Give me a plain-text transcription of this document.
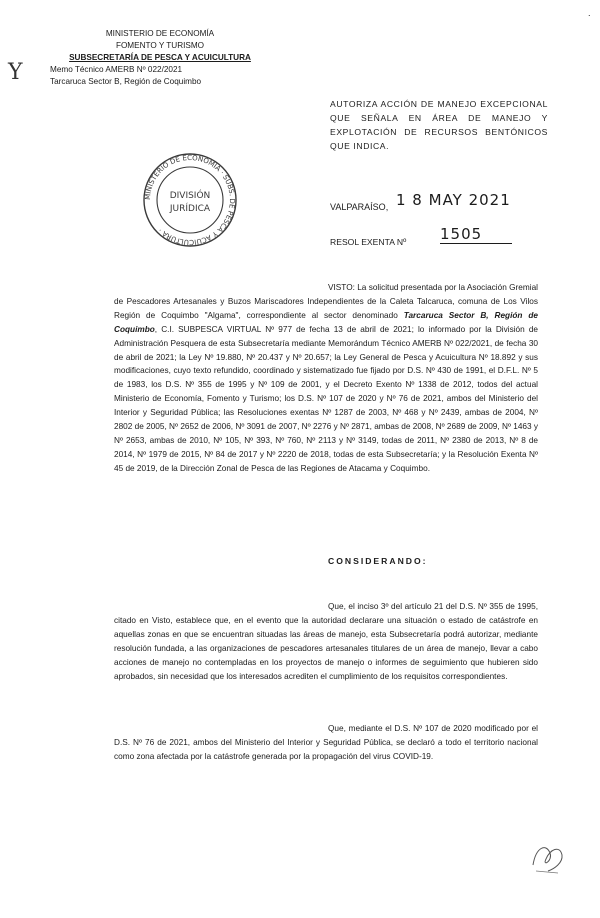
.
MINISTERIO DE ECONOMÍA
FOMENTO Y TURISMO
SUBSECRETARÍA DE PESCA Y ACUICULTURA
Memo Técnico AMERB Nº 022/2021
Tarcaruca Sector B, Región de Coquimbo
Y
AUTORIZA ACCIÓN DE MANEJO EXCEPCIONAL QUE SEÑALA EN ÁREA DE MANEJO Y EXPLOTACIÓN DE RECURSOS BENTÓNICOS QUE INDICA.
MINISTERIO DE ECONOMÍA · SUBS. DE PESCA Y ACUICULTURA ·
DIVISIÓN
JURÍDICA	VALPARAÍSO, 1 8 MAY 2021
RESOL EXENTA Nº 1505
VISTO: La solicitud presentada por la Asociación Gremial de Pescadores Artesanales y Buzos Mariscadores Independientes de la Caleta Talcaruca, comuna de Los Vilos Región de Coquimbo "Algama", correspondiente al sector denominado Tarcaruca Sector B, Región de Coquimbo, C.I. SUBPESCA VIRTUAL Nº 977 de fecha 13 de abril de 2021; lo informado por la División de Administración Pesquera de esta Subsecretaría mediante Memorándum Técnico AMERB Nº 022/2021, de fecha 30 de abril de 2021; la Ley Nº 19.880, Nº 20.437 y Nº 20.657; la Ley General de Pesca y Acuicultura Nº 18.892 y sus modificaciones, cuyo texto refundido, coordinado y sistematizado fue fijado por D.S. Nº 430 de 1991, el D.F.L. Nº 5 de 1983, los D.S. Nº 355 de 1995 y Nº 109 de 2001, y el Decreto Exento Nº 1338 de 2012, todos del actual Ministerio de Economía, Fomento y Turismo; los D.S. Nº 107 de 2020 y Nº 76 de 2021, ambos del Ministerio del Interior y Seguridad Pública; las Resoluciones exentas Nº 1287 de 2003, Nº 468 y Nº 2439, ambas de 2004, Nº 2802 de 2005, Nº 2652 de 2006, Nº 3091 de 2007, Nº 2276 y Nº 2871, ambas de 2008, Nº 2689 de 2009, Nº 1463 y Nº 2653, ambas de 2010, Nº 105, Nº 393, Nº 760, Nº 2113 y Nº 3149, todas de 2011, Nº 2380 de 2013, Nº 8 de 2014, Nº 1979 de 2015, Nº 84 de 2017 y Nº 2220 de 2018, todas de esta Subsecretaría; y la Resolución Exenta Nº 45 de 2019, de la Dirección Zonal de Pesca de las Regiones de Atacama y Coquimbo.
CONSIDERANDO:
Que, el inciso 3º del artículo 21 del D.S. Nº 355 de 1995, citado en Visto, establece que, en el evento que la autoridad declarare una situación o estado de catástrofe en aquellas zonas en que se encuentran situadas las áreas de manejo, esta Subsecretaría podrá autorizar, mediante resolución fundada, a las organizaciones de pescadores artesanales titulares de un área de manejo, llevar a cabo acciones de manejo no contempladas en los proyectos de manejo o informes de seguimiento que hubieren sido aprobados, sin necesidad que los interesados acrediten el cumplimiento de los requisitos correspondientes.
Que, mediante el D.S. Nº 107 de 2020 modificado por el D.S. Nº 76 de 2021, ambos del Ministerio del Interior y Seguridad Pública, se declaró a todo el territorio nacional como zona afectada por la catástrofe generada por la propagación del virus COVID-19.
